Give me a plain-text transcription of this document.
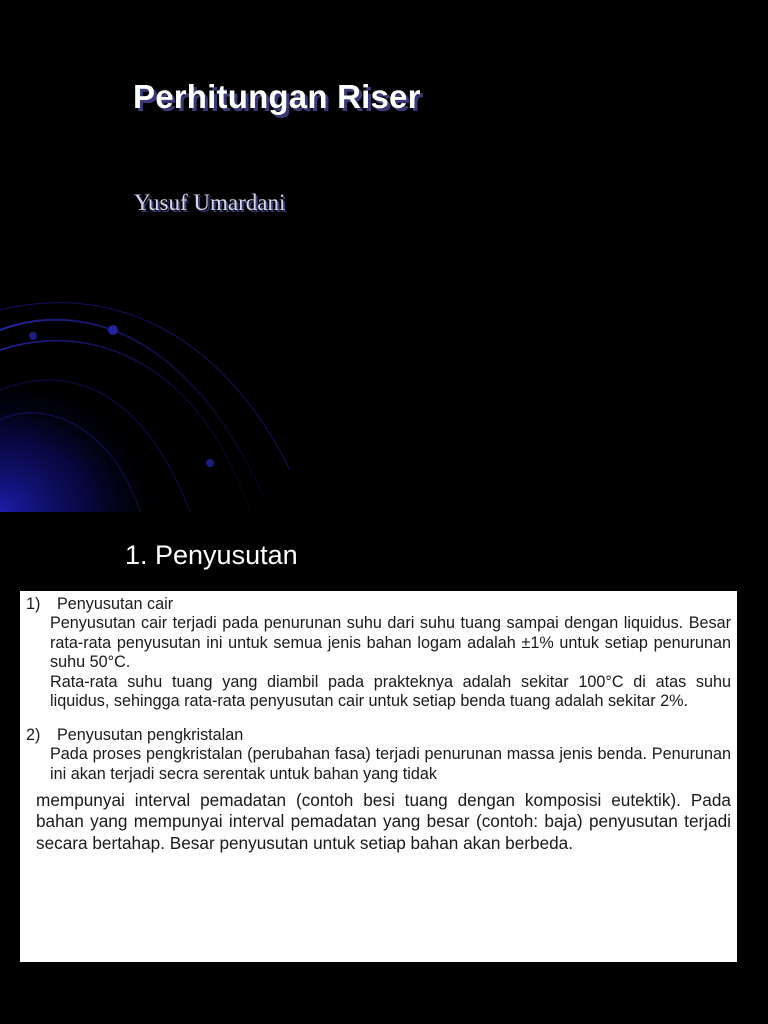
Perhitungan Riser

Yusuf Umardani

1. Penyusutan
1)	Penyusutan cair

Penyusutan cair terjadi pada penurunan suhu dari suhu tuang sampai dengan liquidus. Besar rata-rata penyusutan ini untuk semua jenis bahan logam adalah ±1% untuk setiap penurunan suhu 50°C.

Rata-rata suhu tuang yang diambil pada prakteknya adalah sekitar 100°C di atas suhu liquidus, sehingga rata-rata penyusutan cair untuk setiap benda tuang adalah sekitar 2%.

2)	Penyusutan pengkristalan

Pada proses pengkristalan (perubahan fasa) terjadi penurunan massa jenis benda. Penurunan ini akan terjadi secra serentak untuk bahan yang tidak

mempunyai interval pemadatan (contoh besi tuang dengan komposisi eutektik). Pada bahan yang mempunyai interval pemadatan yang besar (contoh: baja) penyusutan terjadi secara bertahap. Besar penyusutan untuk setiap bahan akan berbeda.
